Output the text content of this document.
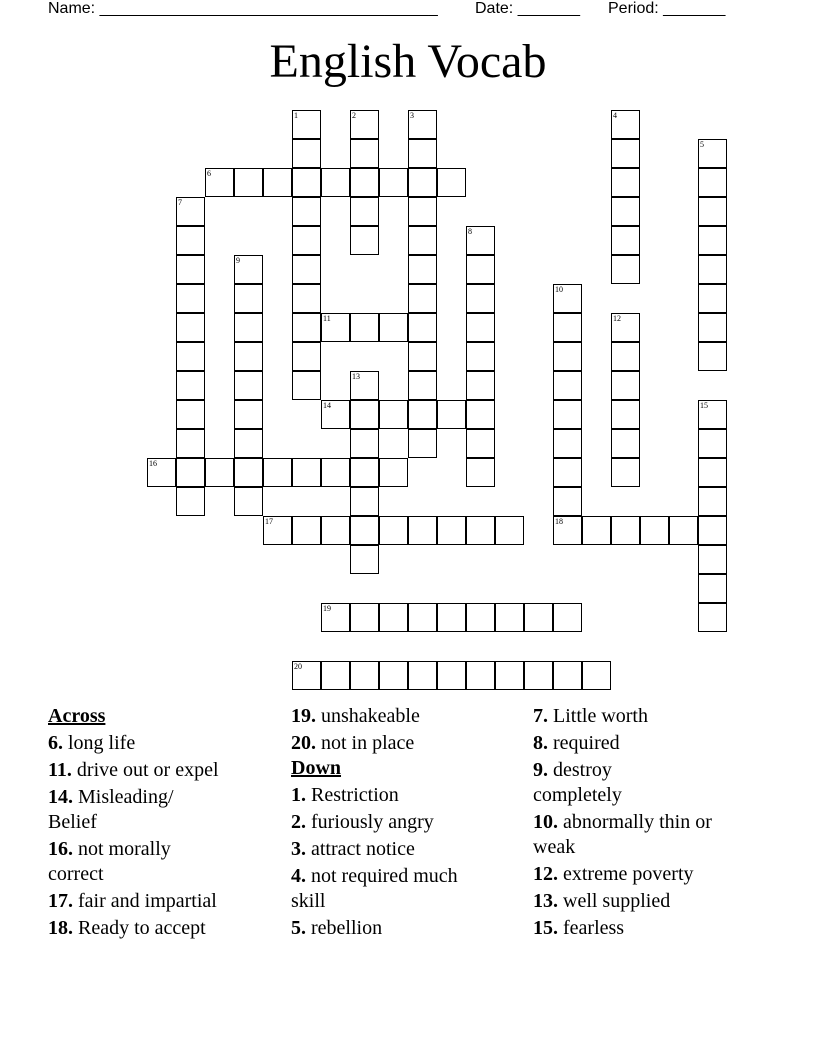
Name: ______________________________________ Date: _______ Period: _______
English Vocab
6
11
14
16
17	18
19
20
1	2	3	4
5
7
8
9
10
12
13
15
Across
6. long life
11. drive out or expel
14. Misleading/ Belief
16. not morally correct
17. fair and impartial
18. Ready to accept
19. unshakeable
20. not in place
Down
1. Restriction
2. furiously angry
3. attract notice
4. not required much skill
5. rebellion
7. Little worth
8. required
9. destroy completely
10. abnormally thin or weak
12. extreme poverty
13. well supplied
15. fearless
